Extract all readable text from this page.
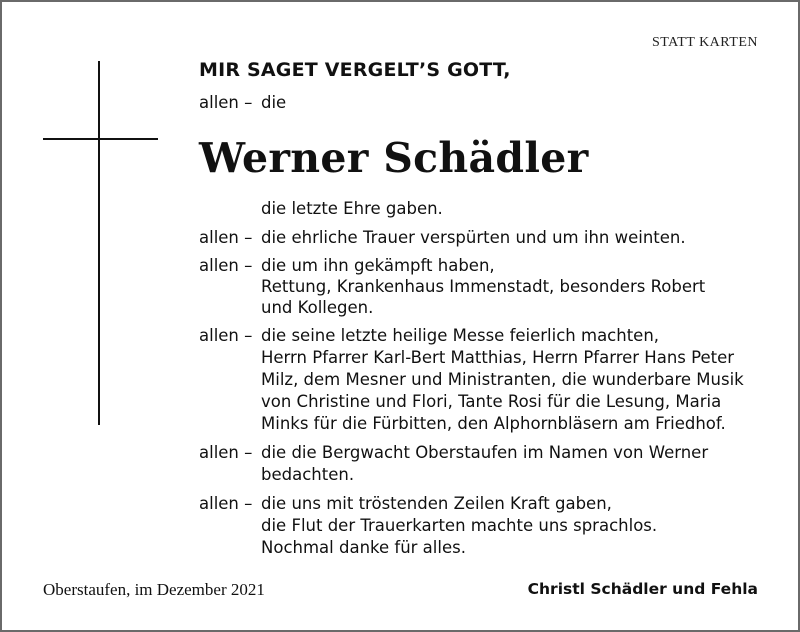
STATT KARTEN
MIR SAGET VERGELT’S GOTT,
allen – die
Werner Schädler
die letzte Ehre gaben.
allen – die ehrliche Trauer verspürten und um ihn weinten.
allen – die um ihn gekämpft haben,
Rettung, Krankenhaus Immenstadt, besonders Robert
und Kollegen.
allen – die seine letzte heilige Messe feierlich machten,
Herrn Pfarrer Karl-Bert Matthias, Herrn Pfarrer Hans Peter
Milz, dem Mesner und Ministranten, die wunderbare Musik
von Christine und Flori, Tante Rosi für die Lesung, Maria
Minks für die Fürbitten, den Alphornbläsern am Friedhof.
allen – die die Bergwacht Oberstaufen im Namen von Werner
bedachten.
allen – die uns mit tröstenden Zeilen Kraft gaben,
die Flut der Trauerkarten machte uns sprachlos.
Nochmal danke für alles.
Oberstaufen, im Dezember 2021	Christl Schädler und Fehla
